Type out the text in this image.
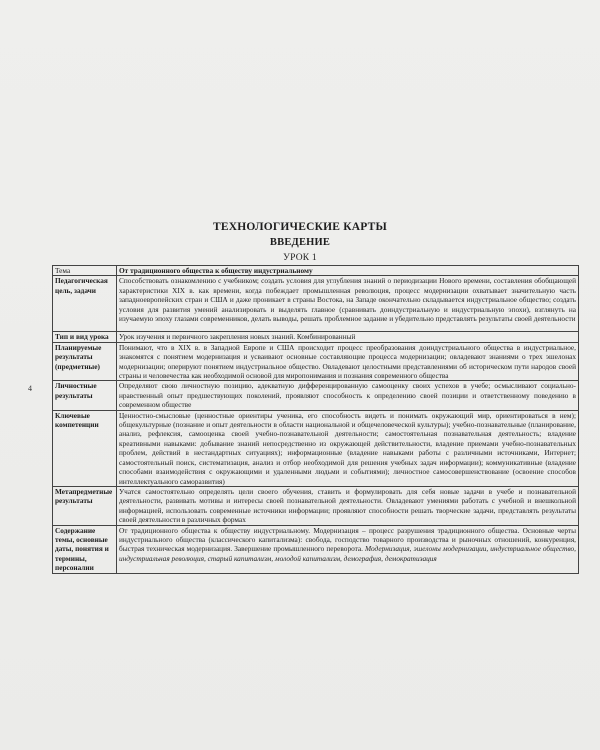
4
ТЕХНОЛОГИЧЕСКИЕ КАРТЫ
ВВЕДЕНИЕ
УРОК 1
Тема	От традиционного общества к обществу индустриальному
Педагогическая цель, задачи	Способствовать ознакомлению с учебником; создать условия для углубления знаний о периодизации Нового времени, составления обобщающей характеристики XIX в. как времени, когда побеждает промышленная революция, процесс модернизации охватывает значительную часть западноевропейских стран и США и даже проникает в страны Востока, на Западе окончательно складывается индустриальное общество; создать условия для развития умений анализировать и выделять главное (сравнивать доиндустриальную и индустриальную эпохи), взглянуть на изучаемую эпоху глазами современников, делать выводы, решать проблемное задание и убедительно представлять результаты своей деятельности
Тип и вид урока	Урок изучения и первичного закрепления новых знаний. Комбинированный
Планируемые результаты (предметные)	Понимают, что в XIX в. в Западной Европе и США происходит процесс преобразования доиндустриального общества в индустриальное, знакомятся с понятием модернизация и усваивают основные составляющие процесса модернизации; овладевают знаниями о трех эшелонах модернизации; оперируют понятием индустриальное общество. Овладевают целостными представлениями об историческом пути народов своей страны и человечества как необходимой основой для миропонимания и познания современного общества
Личностные результаты	Определяют свою личностную позицию, адекватную дифференцированную самооценку своих успехов в учебе; осмысливают социально-нравственный опыт предшествующих поколений, проявляют способность к определению своей позиции и ответственному поведению в современном обществе
Ключевые компетенции	Ценностно-смысловые (ценностные ориентиры ученика, его способность видеть и понимать окружающий мир, ориентироваться в нем); общекультурные (познание и опыт деятельности в области национальной и общечеловеческой культуры); учебно-познавательные (планирование, анализ, рефлексия, самооценка своей учебно-познавательной деятельности; самостоятельная познавательная деятельность; владение креативными навыками: добывание знаний непосредственно из окружающей действительности, владение приемами учебно-познавательных проблем, действий в нестандартных ситуациях); информационные (владение навыками работы с различными источниками, Интернет; самостоятельный поиск, систематизация, анализ и отбор необходимой для решения учебных задач информации); коммуникативные (владение способами взаимодействия с окружающими и удаленными людьми и событиями); личностное самосовершенствование (освоение способов интеллектуального саморазвития)
Метапредметные результаты	Учатся самостоятельно определять цели своего обучения, ставить и формулировать для себя новые задачи в учебе и познавательной деятельности, развивать мотивы и интересы своей познавательной деятельности. Овладевают умениями работать с учебной и внешкольной информацией, использовать современные источники информации; проявляют способности решать творческие задачи, представлять результаты своей деятельности в различных формах
Содержание темы, основные даты, понятия и термины, персоналии	От традиционного общества к обществу индустриальному. Модернизация – процесс разрушения традиционного общества. Основные черты индустриального общества (классического капитализма): свобода, господство товарного производства и рыночных отношений, конкуренция, быстрая техническая модернизация. Завершение промышленного переворота. Модернизация, эшелоны модернизации, индустриальное общество, индустриальная революция, старый капитализм, молодой капитализм, демография, демократизация
